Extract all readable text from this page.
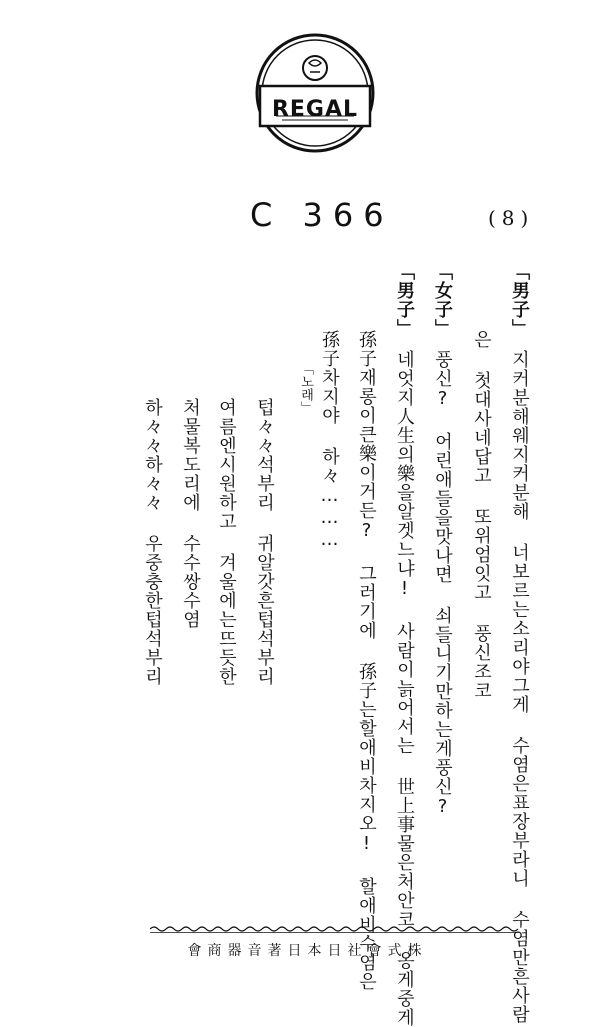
REGAL
C 366	(8)
「男子」지커분해웨지커분해 너보르는소리야그게 수염은표장부라니 수염만흔사람
은 첫대사네답고 또위엄잇고 풍신조코
「女子」풍신? 어린애들을맛나면 쇠들니기만하는게풍신?
「男子」네엇지人生의樂을알겟느냐! 사람이늙어서는 世上事물은처안코 옹게중게
孫子재롱이큰樂이거든? 그러기에 孫子는할애비차지오! 할애비수염은
孫子차지야 하々………
「노래」
텁々々석부리 귀알갓흔텁석부리
여름엔시원하고 겨울에는뜨듯한
처물복도리에 수수쌍수염
하々々하々々 우중충한텁석부리
會商器音著日本日社會式株
